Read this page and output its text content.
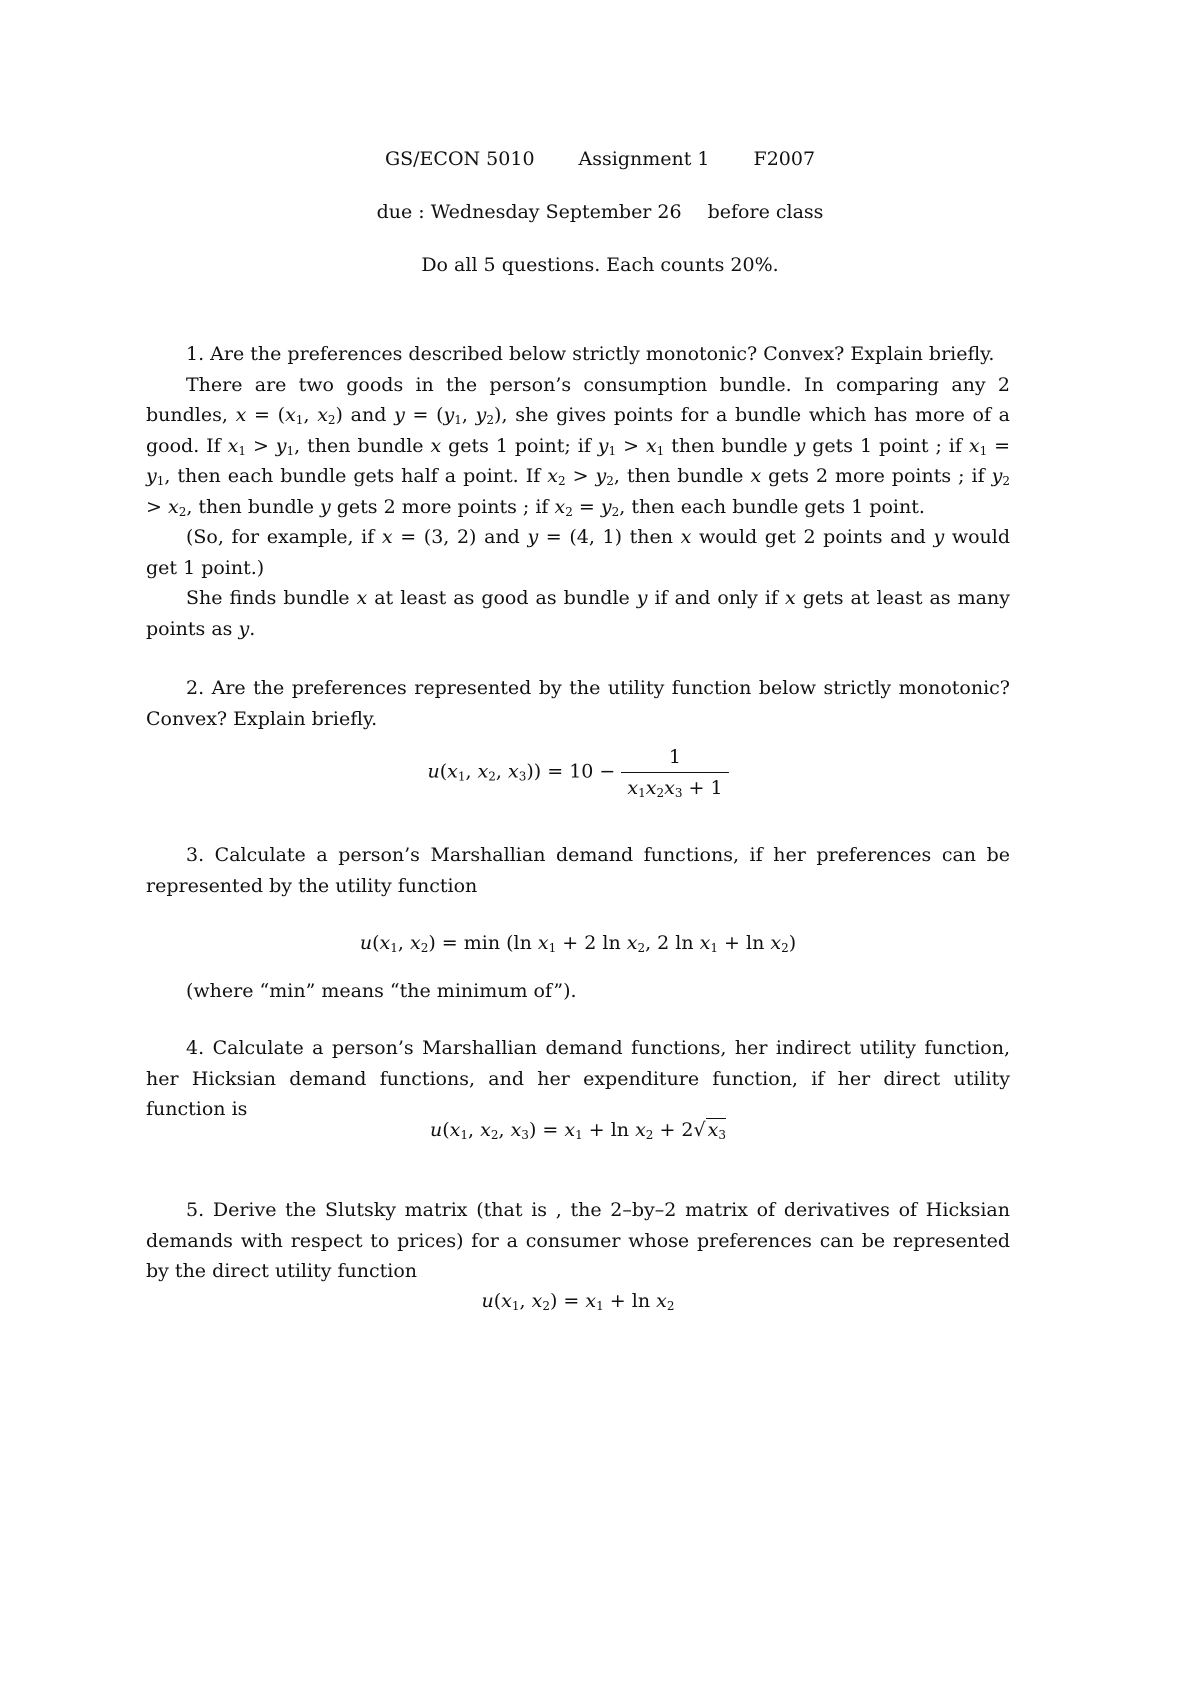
GS/ECON 5010 Assignment 1 F2007
due : Wednesday September 26 before class
Do all 5 questions. Each counts 20%.

1. Are the preferences described below strictly monotonic? Convex? Explain briefly.

There are two goods in the person’s consumption bundle. In comparing any 2 bundles, $x = (x_1$, $x_2$) and $y = (y_1$, $y_2$), she gives points for a bundle which has more of a good. If $x_1 > y_1$, then bundle x gets 1 point; if $y_1 > x_1$ then bundle y gets 1 point ; if $x_1 = y_1$, then each bundle gets half a point. If $x_2 > y_2$, then bundle x gets 2 more points ; if $y_2 > x_2$, then bundle y gets 2 more points ; if $x_2 = y_2$, then each bundle gets 1 point.

(So, for example, if x = (3, 2) and y = (4, 1) then x would get 2 points and y would get 1 point.)

She finds bundle x at least as good as bundle y if and only if x gets at least as many points as y.

2. Are the preferences represented by the utility function below strictly monotonic? Convex? Explain briefly.
$u(x_1$, $x_2$, $x_3)) = 10 - \frac{1}{x_1x_2x_3 + 1}$
3. Calculate a person’s Marshallian demand functions, if her preferences can be represented by the utility function
$u(x_1$, $x_2) = \min (\ln$ $x_1 + 2$ $\ln x_2$, 2 $\ln x_1 + \ln x_2$)
(where “min” means “the minimum of”).
4. Calculate a person’s Marshallian demand functions, her indirect utility function, her Hicksian demand functions, and her expenditure function, if her direct utility function is
$u(x_1$, $x_2$, $x_3) = x_1 + \ln x_2 + 2√$ $x_3$
5. Derive the Slutsky matrix (that is , the 2–by–2 matrix of derivatives of Hicksian demands with respect to prices) for a consumer whose preferences can be represented by the direct utility function
$u(x_1$, $x_2) = x_1 + \ln x_2$
